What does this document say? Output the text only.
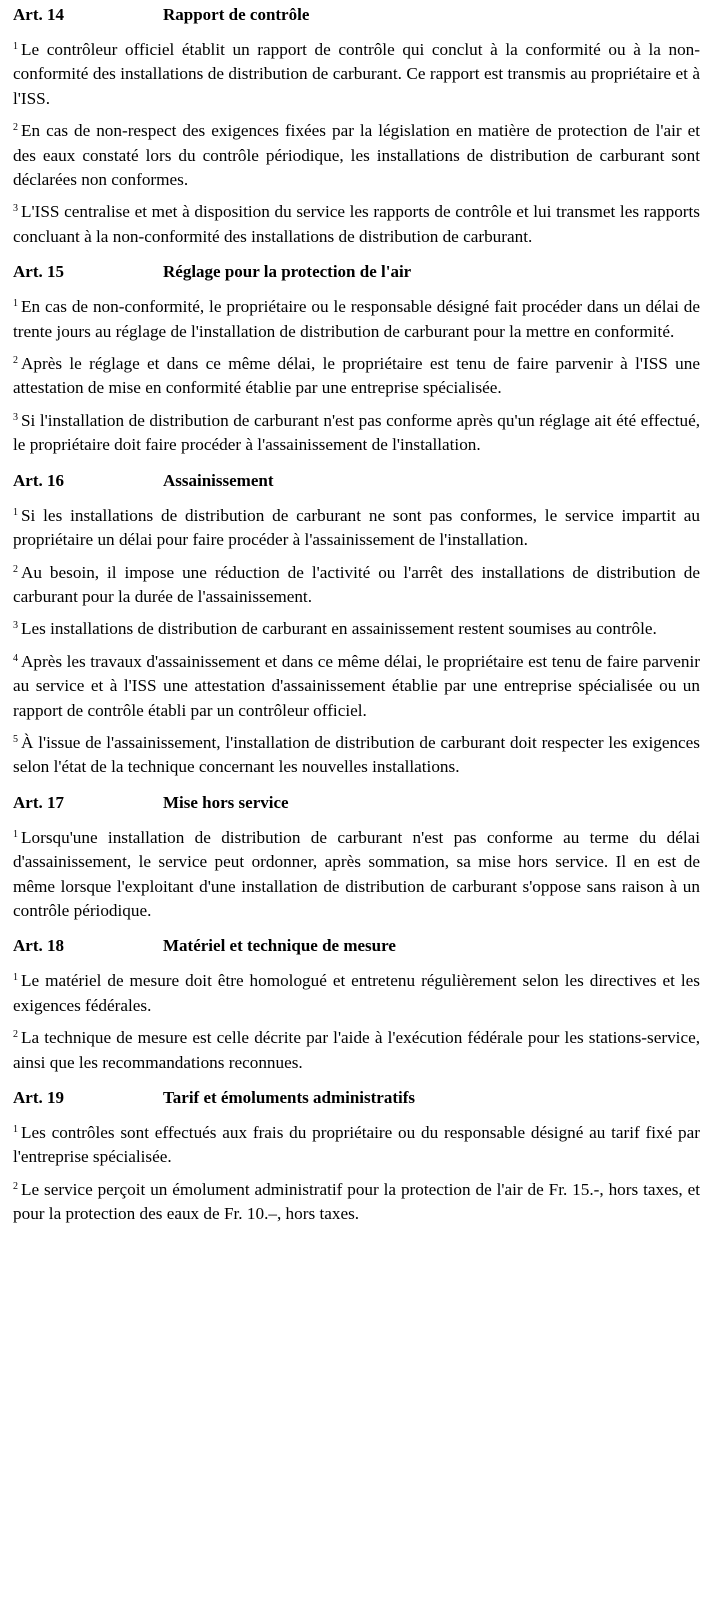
Art. 14	Rapport de contrôle

$^1$ Le contrôleur officiel établit un rapport de contrôle qui conclut à la conformité ou à la non-conformité des installations de distribution de carburant. Ce rapport est transmis au propriétaire et à l'ISS.

$^2$ En cas de non-respect des exigences fixées par la législation en matière de protection de l'air et des eaux constaté lors du contrôle périodique, les installations de distribution de carburant sont déclarées non conformes.

$^3$ L'ISS centralise et met à disposition du service les rapports de contrôle et lui transmet les rapports concluant à la non-conformité des installations de distribution de carburant.

Art. 15	Réglage pour la protection de l'air

$^1$ En cas de non-conformité, le propriétaire ou le responsable désigné fait procéder dans un délai de trente jours au réglage de l'installation de distribution de carburant pour la mettre en conformité.

$^2$ Après le réglage et dans ce même délai, le propriétaire est tenu de faire parvenir à l'ISS une attestation de mise en conformité établie par une entreprise spécialisée.

$^3$ Si l'installation de distribution de carburant n'est pas conforme après qu'un réglage ait été effectué, le propriétaire doit faire procéder à l'assainissement de l'installation.

Art. 16	Assainissement

$^1$ Si les installations de distribution de carburant ne sont pas conformes, le service impartit au propriétaire un délai pour faire procéder à l'assainissement de l'installation.

$^2$ Au besoin, il impose une réduction de l'activité ou l'arrêt des installations de distribution de carburant pour la durée de l'assainissement.

$^3$ Les installations de distribution de carburant en assainissement restent soumises au contrôle.

$^4$ Après les travaux d'assainissement et dans ce même délai, le propriétaire est tenu de faire parvenir au service et à l'ISS une attestation d'assainissement établie par une entreprise spécialisée ou un rapport de contrôle établi par un contrôleur officiel.

$^5$ À l'issue de l'assainissement, l'installation de distribution de carburant doit respecter les exigences selon l'état de la technique concernant les nouvelles installations.

Art. 17	Mise hors service

$^1$ Lorsqu'une installation de distribution de carburant n'est pas conforme au terme du délai d'assainissement, le service peut ordonner, après sommation, sa mise hors service. Il en est de même lorsque l'exploitant d'une installation de distribution de carburant s'oppose sans raison à un contrôle périodique.

Art. 18	Matériel et technique de mesure

$^1$ Le matériel de mesure doit être homologué et entretenu régulièrement selon les directives et les exigences fédérales.

$^2$ La technique de mesure est celle décrite par l'aide à l'exécution fédérale pour les stations-service, ainsi que les recommandations reconnues.

Art. 19	Tarif et émoluments administratifs

$^1$ Les contrôles sont effectués aux frais du propriétaire ou du responsable désigné au tarif fixé par l'entreprise spécialisée.

$^2$ Le service perçoit un émolument administratif pour la protection de l'air de Fr. 15.-, hors taxes, et pour la protection des eaux de Fr. 10.–, hors taxes.
